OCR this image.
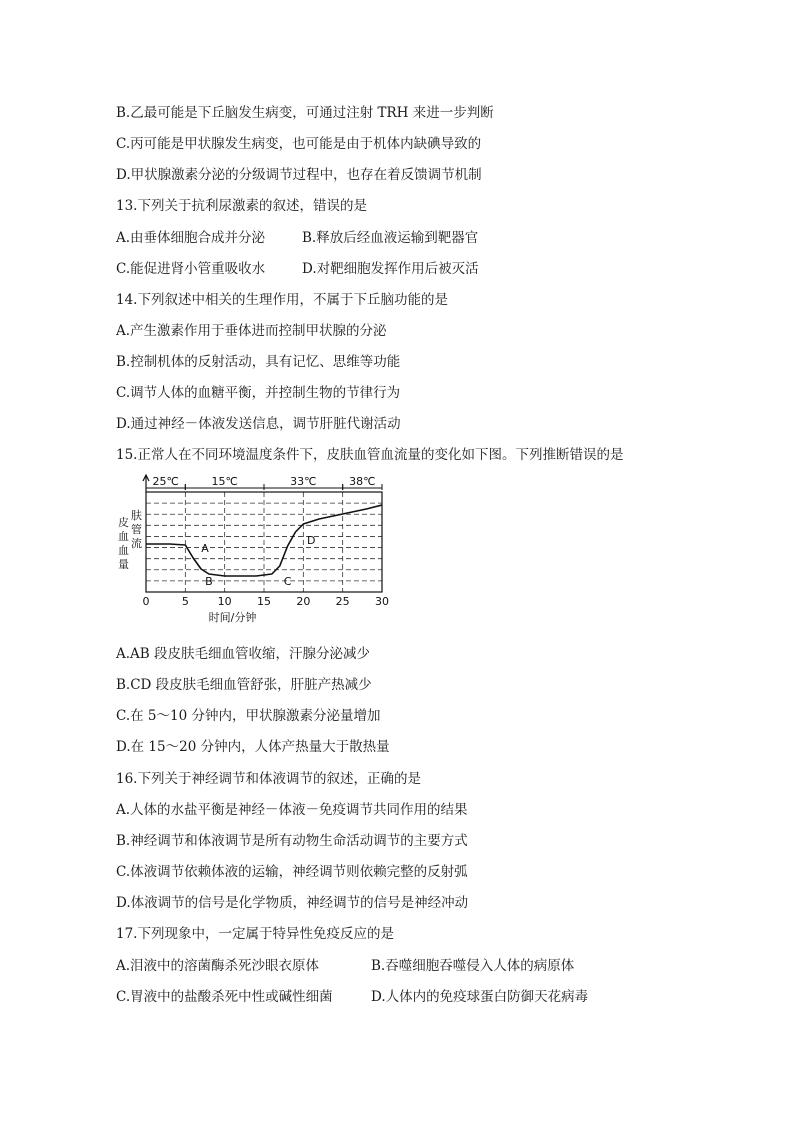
B.乙最可能是下丘脑发生病变，可通过注射 TRH 来进一步判断
C.丙可能是甲状腺发生病变，也可能是由于机体内缺碘导致的
D.甲状腺激素分泌的分级调节过程中，也存在着反馈调节机制
13.下列关于抗利尿激素的叙述，错误的是
A.由垂体细胞合成并分泌	B.释放后经血液运输到靶器官
C.能促进肾小管重吸收水	D.对靶细胞发挥作用后被灭活
14.下列叙述中相关的生理作用，不属于下丘脑功能的是
A.产生激素作用于垂体进而控制甲状腺的分泌
B.控制机体的反射活动，具有记忆、思维等功能
C.调节人体的血糖平衡，并控制生物的节律行为
D.通过神经－体液发送信息，调节肝脏代谢活动
15.正常人在不同环境温度条件下，皮肤血管血流量的变化如下图。下列推断错误的是
25℃	15℃	33℃	38℃
A
B	C
D
0	5	10 15 20 25 30
时间/分钟
皮血血量肤管流
A.AB 段皮肤毛细血管收缩，汗腺分泌减少
B.CD 段皮肤毛细血管舒张，肝脏产热减少
C.在 5～10 分钟内，甲状腺激素分泌量增加
D.在 15～20 分钟内，人体产热量大于散热量
16.下列关于神经调节和体液调节的叙述，正确的是
A.人体的水盐平衡是神经－体液－免疫调节共同作用的结果
B.神经调节和体液调节是所有动物生命活动调节的主要方式
C.体液调节依赖体液的运输，神经调节则依赖完整的反射弧
D.体液调节的信号是化学物质，神经调节的信号是神经冲动
17.下列现象中，一定属于特异性免疫反应的是
A.泪液中的溶菌酶杀死沙眼衣原体	B.吞噬细胞吞噬侵入人体的病原体
C.胃液中的盐酸杀死中性或碱性细菌	D.人体内的免疫球蛋白防御天花病毒
